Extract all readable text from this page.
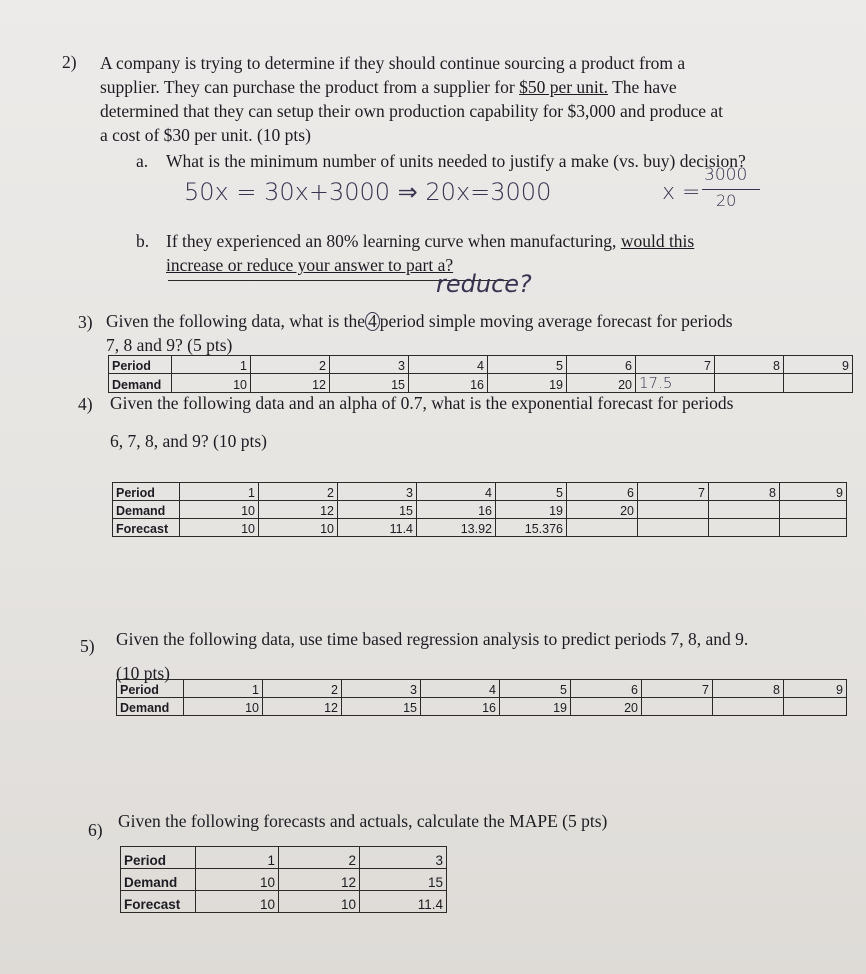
2) A company is trying to determine if they should continue sourcing a product from a
supplier. They can purchase the product from a supplier for $50 per unit. The have
determined that they can setup their own production capability for $3,000 and produce at
a cost of $30 per unit. (10 pts)
a. What is the minimum number of units needed to justify a make (vs. buy) decision?
50x = 30x+3000 ⇒ 20x=3000	x =
3000
20
b. If they experienced an 80% learning curve when manufacturing, would this
increase or reduce your answer to part a?
reduce?
3) Given the following data, what is the 4 period simple moving average forecast for periods
7, 8 and 9? (5 pts)
Period	1	2	3	4	5	6	7	8	9
Demand	10	12	15	16	19	20	17.5		
4) Given the following data and an alpha of 0.7, what is the exponential forecast for periods
6, 7, 8, and 9? (10 pts)
Period	1	2	3	4	5	6	7	8	9
Demand	10	12	15	16	19	20			
Forecast	10	10	11.4	13.92	15.376				
5) Given the following data, use time based regression analysis to predict periods 7, 8, and 9.
(10 pts)
Period	1	2	3	4	5	6	7	8	9
Demand	10	12	15	16	19	20			
6) Given the following forecasts and actuals, calculate the MAPE (5 pts)
Period	1	2	3
Demand	10	12	15
Forecast	10	10	11.4
